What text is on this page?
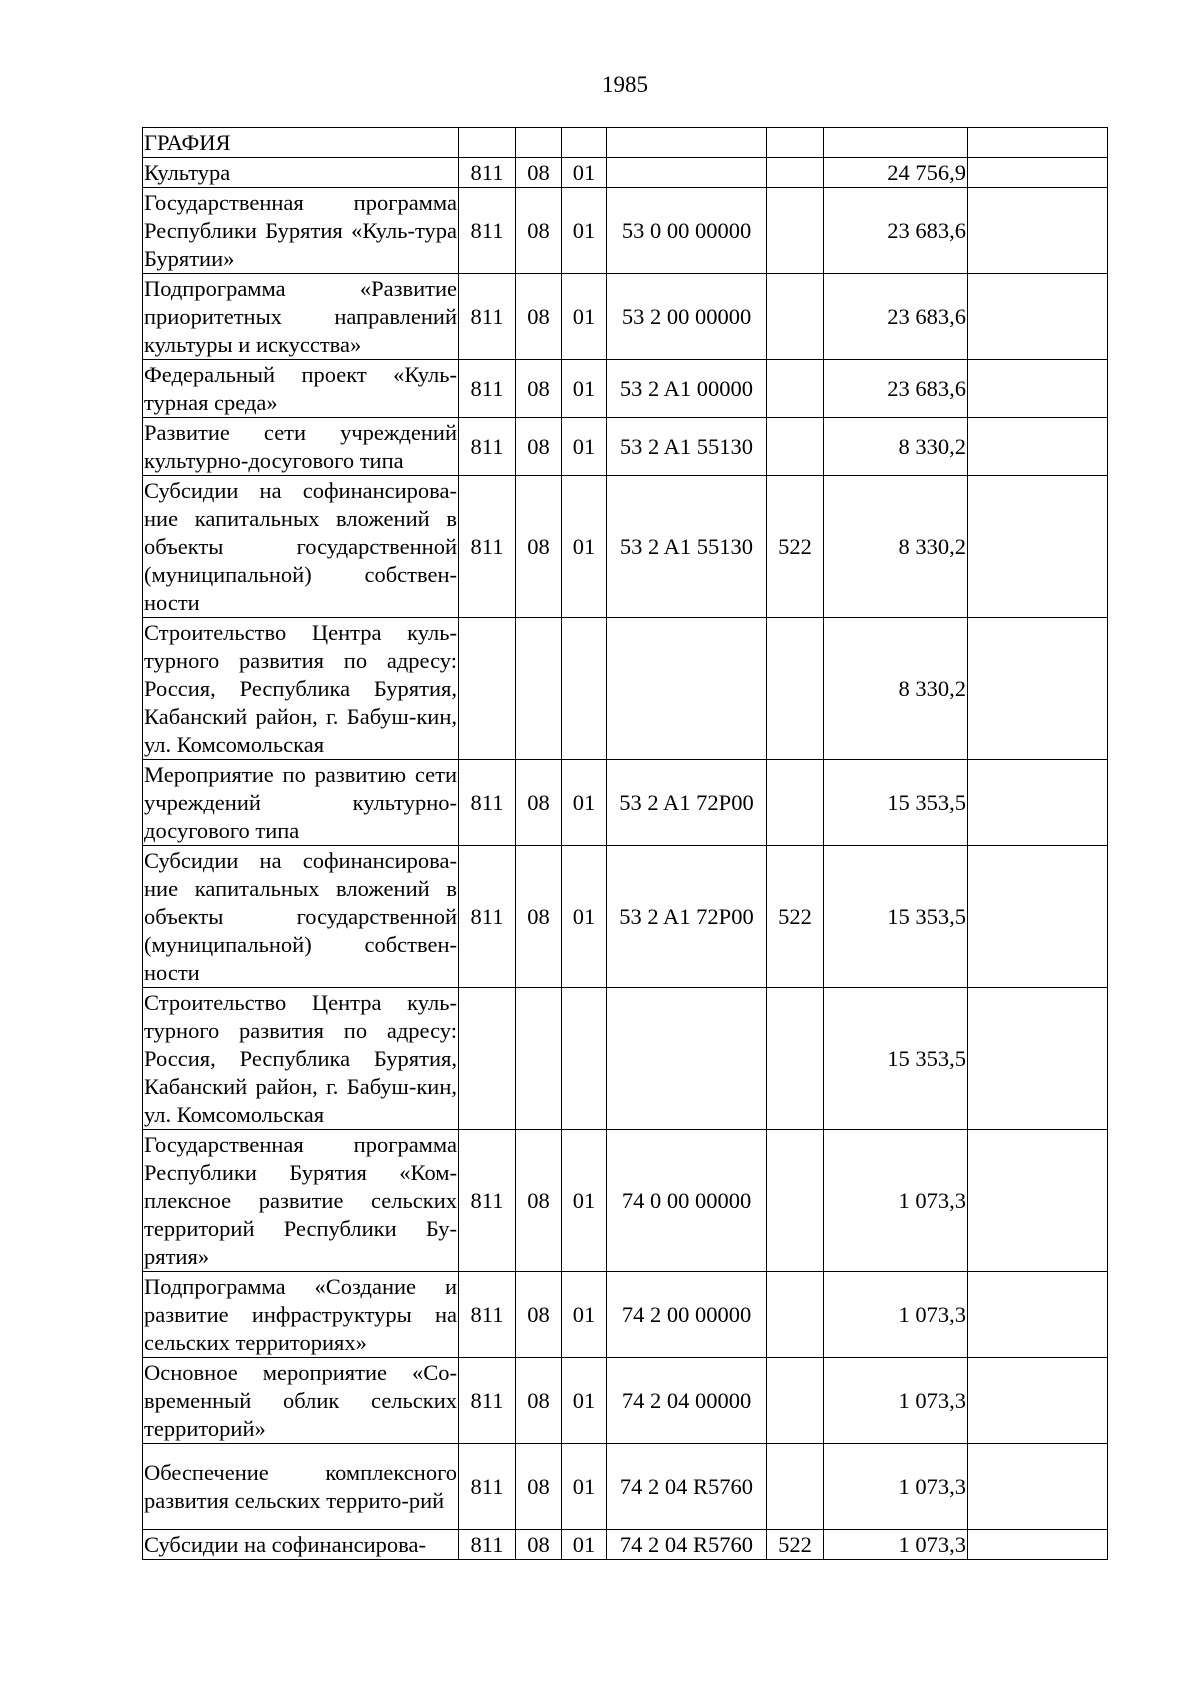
1985
ГРАФИЯ							
Культура	811	08	01			24 756,9	
Государственная программа Республики Бурятия «Куль-тура Бурятии»	811	08	01	53 0 00 00000		23 683,6	
Подпрограмма «Развитие приоритетных направлений культуры и искусства»	811	08	01	53 2 00 00000		23 683,6	
Федеральный проект «Куль-турная среда»	811	08	01	53 2 A1 00000		23 683,6	
Развитие сети учреждений культурно-досугового типа	811	08	01	53 2 A1 55130		8 330,2	
Субсидии на софинансирова-ние капитальных вложений в объекты государственной (муниципальной) собствен-ности	811	08	01	53 2 A1 55130	522	8 330,2	
Строительство Центра куль-турного развития по адресу: Россия, Республика Бурятия, Кабанский район, г. Бабуш-кин, ул. Комсомольская						8 330,2	
Мероприятие по развитию сети учреждений культурно-досугового типа	811	08	01	53 2 A1 72P00		15 353,5	
Субсидии на софинансирова-ние капитальных вложений в объекты государственной (муниципальной) собствен-ности	811	08	01	53 2 A1 72P00	522	15 353,5	
Строительство Центра куль-турного развития по адресу: Россия, Республика Бурятия, Кабанский район, г. Бабуш-кин, ул. Комсомольская						15 353,5	
Государственная программа Республики Бурятия «Ком-плексное развитие сельских территорий Республики Бу-рятия»	811	08	01	74 0 00 00000		1 073,3	
Подпрограмма «Создание и развитие инфраструктуры на сельских территориях»	811	08	01	74 2 00 00000		1 073,3	
Основное мероприятие «Со-временный облик сельских территорий»	811	08	01	74 2 04 00000		1 073,3	
Обеспечение комплексного развития сельских террито-рий	811	08	01	74 2 04 R5760		1 073,3	
Субсидии на софинансирова-	811	08	01	74 2 04 R5760	522	1 073,3	
